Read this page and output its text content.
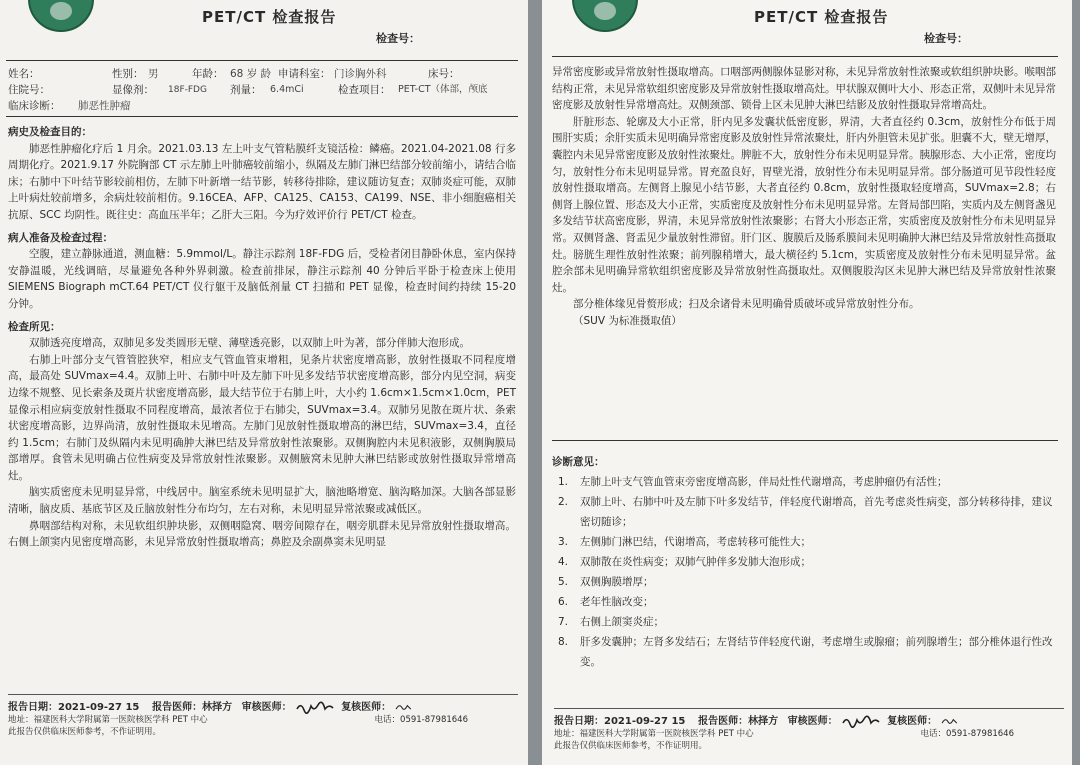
PET/CT 检查报告
检查号：
姓名：	性别： 男	年龄： 68 岁 龄 申请科室： 门诊胸外科	床号：
住院号：	显像剂： 18F-FDG 剂量： 6.4mCi	检查项目： PET-CT（体部，颅底
临床诊断： 肺恶性肿瘤

病史及检查目的：

肺恶性肿瘤化疗后 1 月余。2021.03.13 左上叶支气管粘膜纤支镜活检：鳞癌。2021.04-2021.08 行多周期化疗。2021.9.17 外院胸部 CT 示左肺上叶肺癌较前缩小，纵隔及左肺门淋巴结部分较前缩小，请结合临床；右肺中下叶结节影较前相仿，左肺下叶新增一结节影，转移待排除，建议随访复查；双肺炎症可能，双肺上叶病灶较前增多，余病灶较前相仿。9.16CEA、AFP、CA125、CA153、CA199、NSE、非小细胞癌相关抗原、SCC 均阴性。既往史：高血压半年；乙肝大三阳。今为疗效评价行 PET/CT 检查。

病人准备及检查过程：

空腹，建立静脉通道，测血糖：5.9mmol/L。静注示踪剂 18F-FDG 后，受检者闭目静卧休息，室内保持安静温暖，光线调暗，尽量避免各种外界刺激。检查前排尿，静注示踪剂 40 分钟后平卧于检查床上使用 SIEMENS Biograph mCT.64 PET/CT 仪行躯干及脑低剂量 CT 扫描和 PET 显像，检查时间约持续 15-20 分钟。

检查所见：

双肺透亮度增高，双肺见多发类圆形无壁、薄壁透亮影，以双肺上叶为著，部分伴肺大泡形成。

右肺上叶部分支气管管腔狭窄，相应支气管血管束增粗，见条片状密度增高影，放射性摄取不同程度增高，最高处 SUVmax=4.4。双肺上叶、右肺中叶及左肺下叶见多发结节状密度增高影，部分内见空洞，病变边缘不规整、见长索条及斑片状密度增高影，最大结节位于右肺上叶，大小约 1.6cm×1.5cm×1.0cm，PET 显像示相应病变放射性摄取不同程度增高，最浓者位于右肺尖，SUVmax=3.4。双肺另见散在斑片状、条索状密度增高影，边界尚清，放射性摄取未见增高。左肺门见放射性摄取增高的淋巴结，SUVmax=3.4，直径约 1.5cm；右肺门及纵隔内未见明确肿大淋巴结及异常放射性浓聚影。双侧胸腔内未见积液影，双侧胸膜局部增厚。食管未见明确占位性病变及异常放射性浓聚影。双侧腋窝未见肿大淋巴结影或放射性摄取异常增高灶。

脑实质密度未见明显异常，中线居中。脑室系统未见明显扩大，脑池略增宽、脑沟略加深。大脑各部显影清晰，脑皮质、基底节区及丘脑放射性分布均匀，左右对称，未见明显异常浓聚或减低区。

鼻咽部结构对称，未见软组织肿块影，双侧咽隐窝、咽旁间隙存在，咽旁肌群未见异常放射性摄取增高。右侧上颌窦内见密度增高影，未见异常放射性摄取增高；鼻腔及余副鼻窦未见明显

报告日期：2021-09-27 15 报告医师：林择方 审核医师：	复核医师：
地址：福建医科大学附属第一医院核医学科 PET 中心	电话：0591-87981646
此报告仅供临床医师参考，不作证明用。
PET/CT 检查报告
检查号：

异常密度影或异常放射性摄取增高。口咽部两侧腺体显影对称，未见异常放射性浓聚或软组织肿块影。喉咽部结构正常，未见异常软组织密度影及异常放射性摄取增高灶。甲状腺双侧叶大小、形态正常，双侧叶未见异常密度影及放射性异常增高灶。双侧颈部、锁骨上区未见肿大淋巴结影及放射性摄取异常增高灶。

肝脏形态、轮廓及大小正常，肝内见多发囊状低密度影，界清，大者直径约 0.3cm，放射性分布低于周围肝实质；余肝实质未见明确异常密度影及放射性异常浓聚灶，肝内外胆管未见扩张。胆囊不大，壁无增厚，囊腔内未见异常密度影及放射性浓聚灶。脾脏不大，放射性分布未见明显异常。胰腺形态、大小正常，密度均匀，放射性分布未见明显异常。胃充盈良好，胃壁光滑，放射性分布未见明显异常。部分肠道可见节段性轻度放射性摄取增高。左侧肾上腺见小结节影，大者直径约 0.8cm，放射性摄取轻度增高，SUVmax=2.8；右侧肾上腺位置、形态及大小正常，实质密度及放射性分布未见明显异常。左肾局部凹陷，实质内及左侧肾盏见多发结节状高密度影，界清，未见异常放射性浓聚影；右肾大小形态正常，实质密度及放射性分布未见明显异常。双侧肾盏、肾盂见少量放射性滞留。肝门区、腹膜后及肠系膜间未见明确肿大淋巴结及异常放射性高摄取灶。膀胱生理性放射性浓聚；前列腺稍增大，最大横径约 5.1cm，实质密度及放射性分布未见明显异常。盆腔余部未见明确异常软组织密度影及异常放射性高摄取灶。双侧腹股沟区未见肿大淋巴结及异常放射性浓聚灶。

部分椎体缘见骨赘形成；扫及余诸骨未见明确骨质破坏或异常放射性分布。

（SUV 为标准摄取值）

诊断意见：

1. 左肺上叶支气管血管束旁密度增高影，伴局灶性代谢增高，考虑肿瘤仍有活性；
2. 双肺上叶、右肺中叶及左肺下叶多发结节，伴轻度代谢增高，首先考虑炎性病变，部分转移待排，建议密切随诊；
3. 左侧肺门淋巴结，代谢增高，考虑转移可能性大；
4. 双肺散在炎性病变；双肺气肿伴多发肺大泡形成；
5. 双侧胸膜增厚；
6. 老年性脑改变；
7. 右侧上颌窦炎症；
8. 肝多发囊肿；左肾多发结石；左肾结节伴轻度代谢，考虑增生或腺瘤；前列腺增生；部分椎体退行性改变。
报告日期：2021-09-27 15 报告医师：林择方 审核医师：	复核医师：
地址：福建医科大学附属第一医院核医学科 PET 中心	电话：0591-87981646
此报告仅供临床医师参考，不作证明用。
